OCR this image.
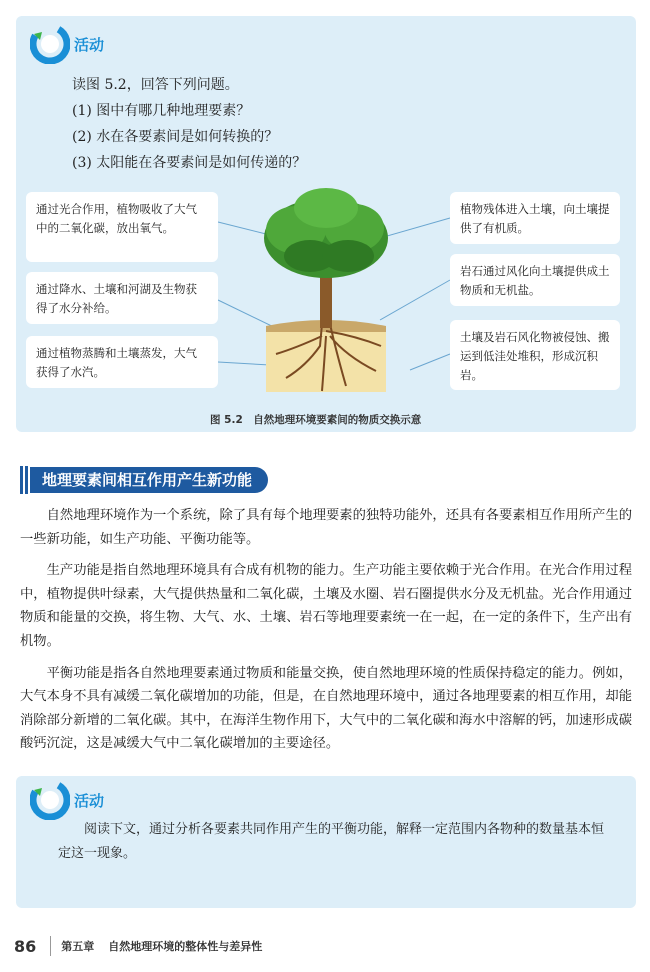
活动
读图 5.2，回答下列问题。
(1) 图中有哪几种地理要素？
(2) 水在各要素间是如何转换的？
(3) 太阳能在各要素间是如何传递的？
通过光合作用，植物吸收了大气中的二氧化碳，放出氧气。
通过降水、土壤和河湖及生物获得了水分补给。
通过植物蒸腾和土壤蒸发，大气获得了水汽。
植物残体进入土壤，向土壤提供了有机质。
岩石通过风化向土壤提供成土物质和无机盐。
土壤及岩石风化物被侵蚀、搬运到低洼处堆积，形成沉积岩。
图 5.2　自然地理环境要素间的物质交换示意
地理要素间相互作用产生新功能

自然地理环境作为一个系统，除了具有每个地理要素的独特功能外，还具有各要素相互作用所产生的一些新功能，如生产功能、平衡功能等。

生产功能是指自然地理环境具有合成有机物的能力。生产功能主要依赖于光合作用。在光合作用过程中，植物提供叶绿素，大气提供热量和二氧化碳，土壤及水圈、岩石圈提供水分及无机盐。光合作用通过物质和能量的交换，将生物、大气、水、土壤、岩石等地理要素统一在一起，在一定的条件下，生产出有机物。

平衡功能是指各自然地理要素通过物质和能量交换，使自然地理环境的性质保持稳定的能力。例如，大气本身不具有减缓二氧化碳增加的功能，但是，在自然地理环境中，通过各地理要素的相互作用，却能消除部分新增的二氧化碳。其中，在海洋生物作用下，大气中的二氧化碳和海水中溶解的钙，加速形成碳酸钙沉淀，这是减缓大气中二氧化碳增加的主要途径。

活动
阅读下文，通过分析各要素共同作用产生的平衡功能，解释一定范围内各物种的数量基本恒定这一现象。
86 第五章 自然地理环境的整体性与差异性
